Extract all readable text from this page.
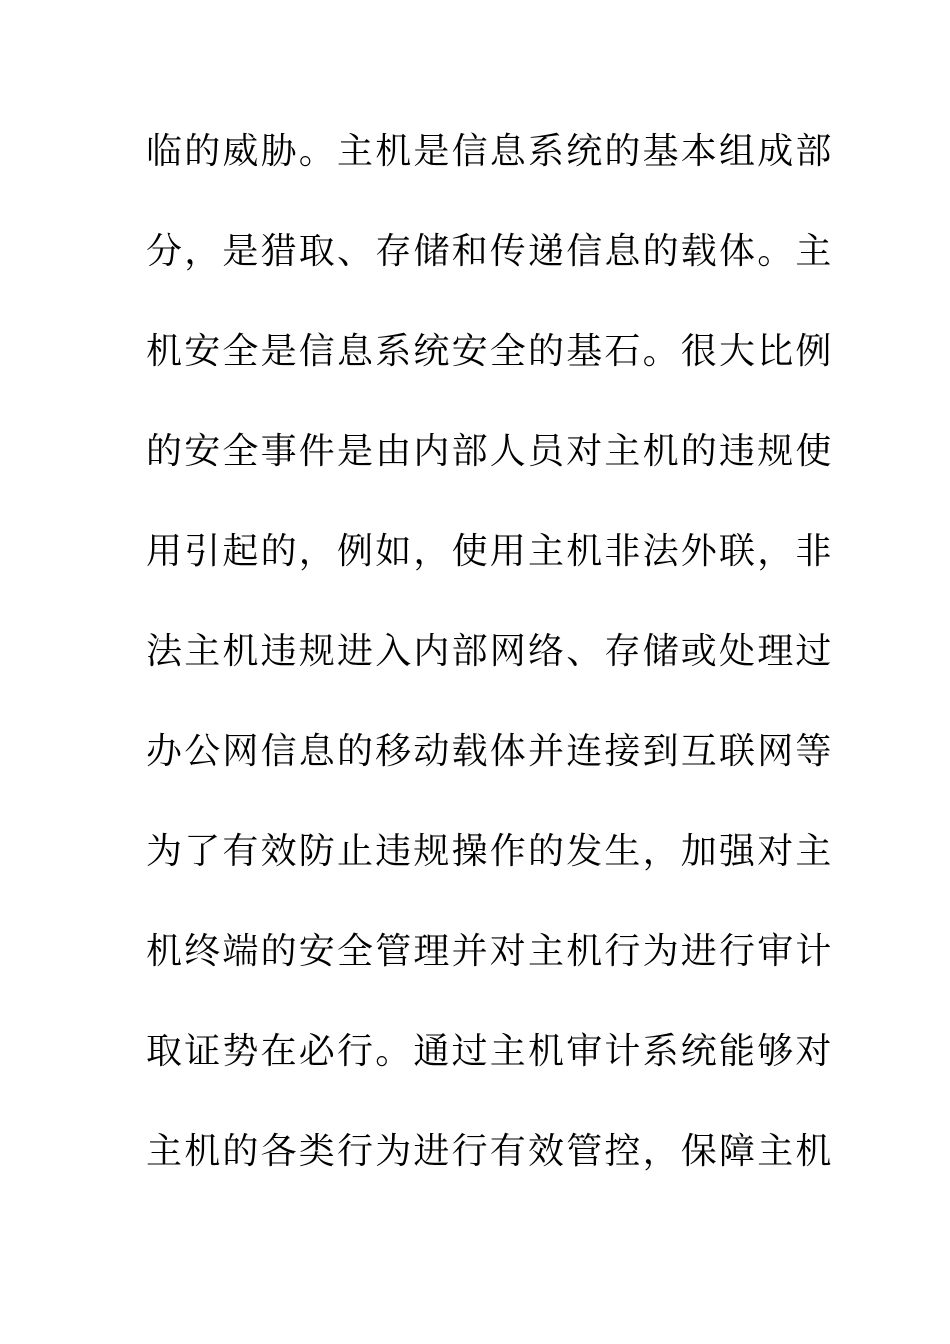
临的威胁。主机是信息系统的基本组成部

分，是猎取、存储和传递信息的载体。主

机安全是信息系统安全的基石。很大比例

的安全事件是由内部人员对主机的违规使

用引起的，例如，使用主机非法外联，非

法主机违规进入内部网络、存储或处理过

办公网信息的移动载体并连接到互联网等

为了有效防止违规操作的发生，加强对主

机终端的安全管理并对主机行为进行审计

取证势在必行。通过主机审计系统能够对

主机的各类行为进行有效管控，保障主机
